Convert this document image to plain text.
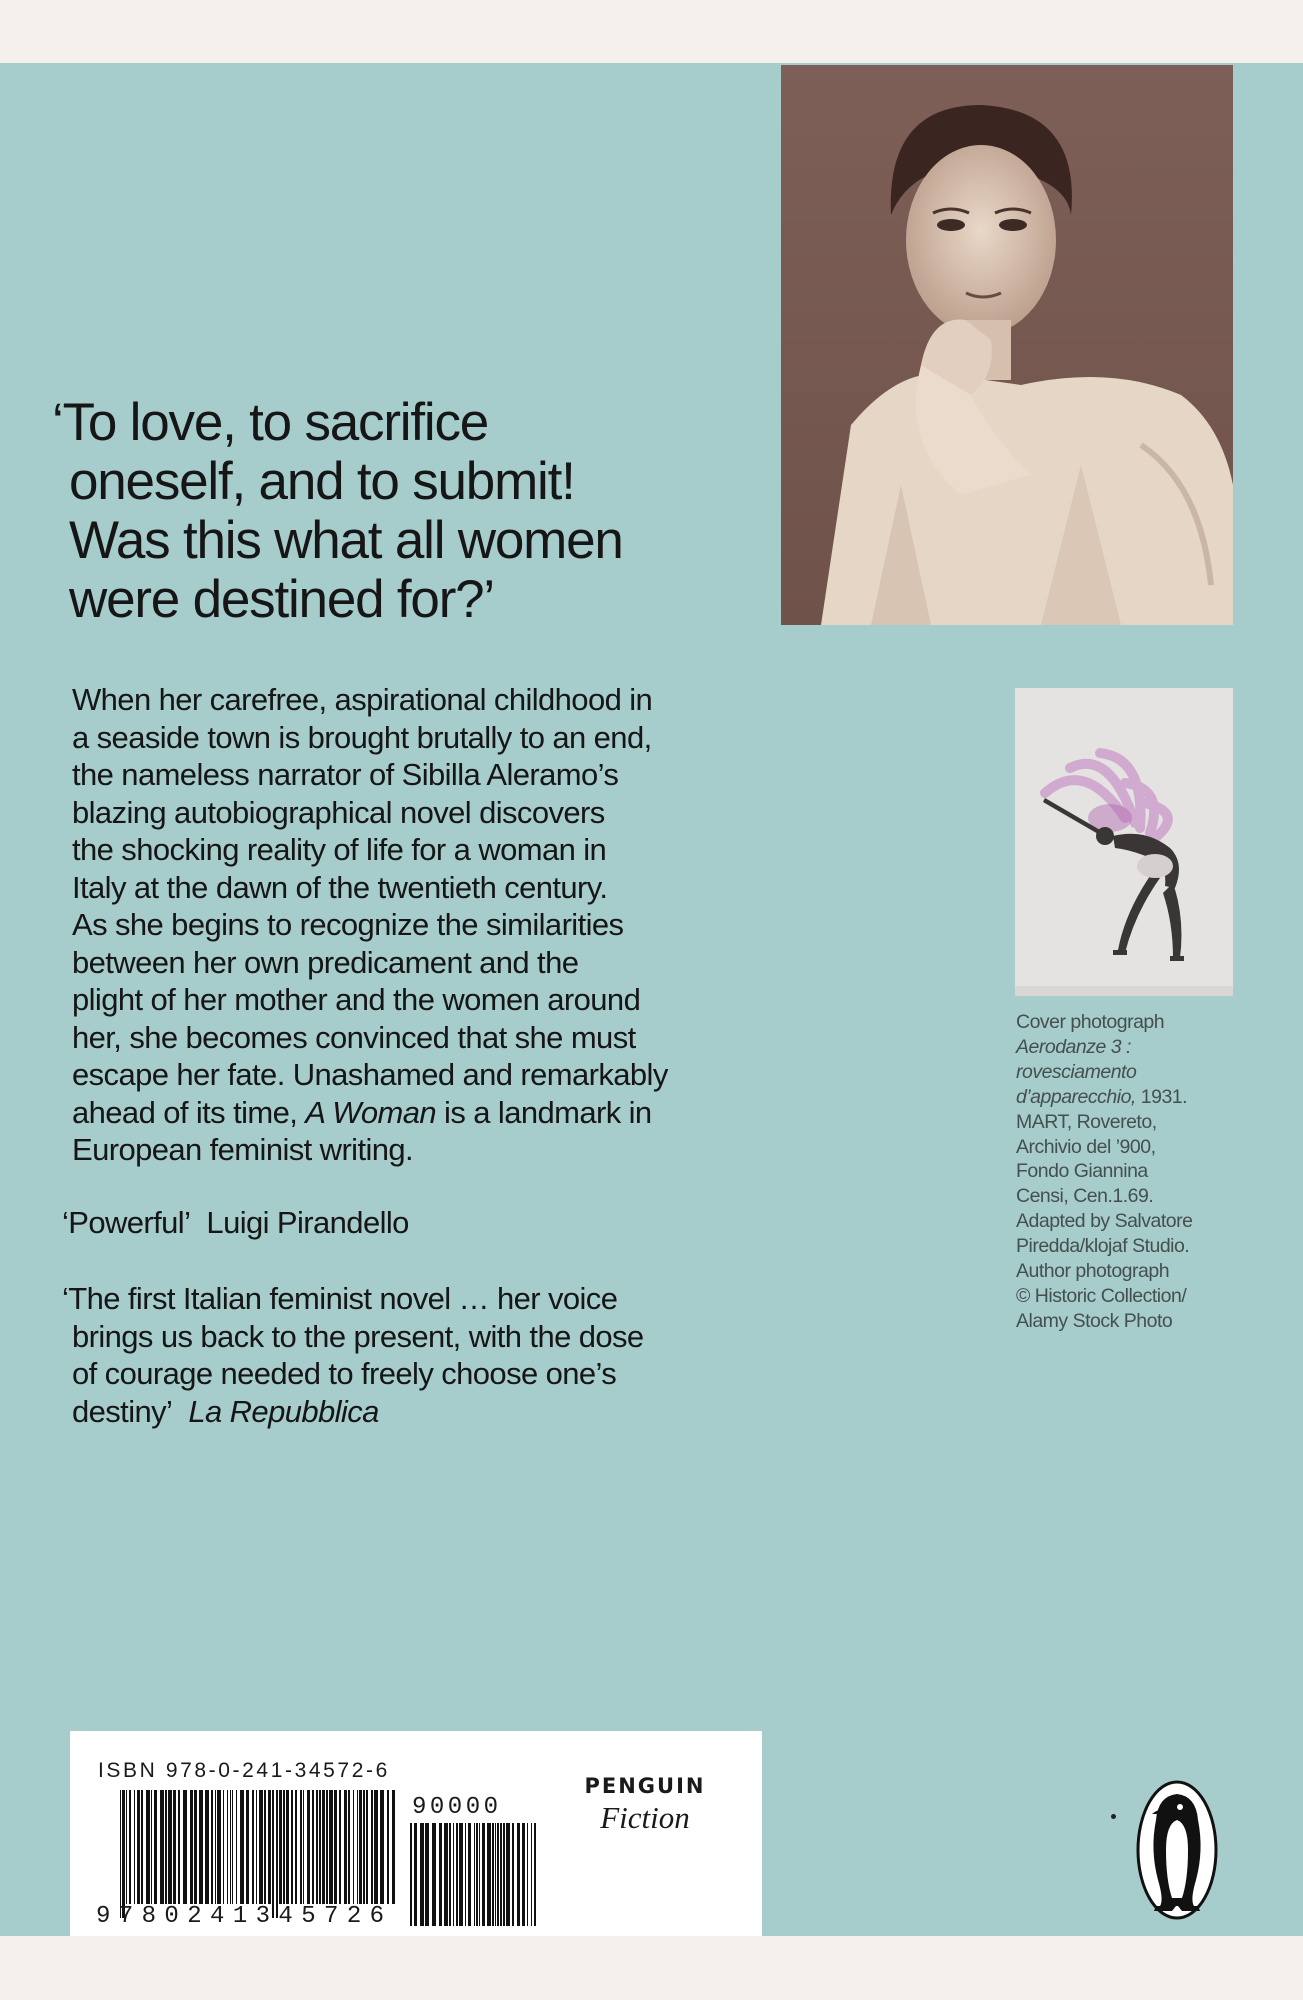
‘To love, to sacrifice
oneself, and to submit!
Was this what all women
were destined for?’
When her carefree, aspirational childhood in
a seaside town is brought brutally to an end,
the nameless narrator of Sibilla Aleramo’s
blazing autobiographical novel discovers
the shocking reality of life for a woman in
Italy at the dawn of the twentieth century.
As she begins to recognize the similarities
between her own predicament and the
plight of her mother and the women around
her, she becomes convinced that she must
escape her fate. Unashamed and remarkably
ahead of its time, A Woman is a landmark in
European feminist writing.
‘Powerful’ Luigi Pirandello
‘The first Italian feminist novel … her voice
brings us back to the present, with the dose
of courage needed to freely choose one’s
destiny’ La Repubblica
Cover photograph
Aerodanze 3 :
rovesciamento
d’apparecchio, 1931.
MART, Rovereto,
Archivio del ’900,
Fondo Giannina
Censi, Cen.1.69.
Adapted by Salvatore
Piredda/klojaf Studio.
Author photograph
© Historic Collection/
Alamy Stock Photo
ISBN 978-0-241-34572-6
9780241345726
90000
PENGUIN
Fiction
